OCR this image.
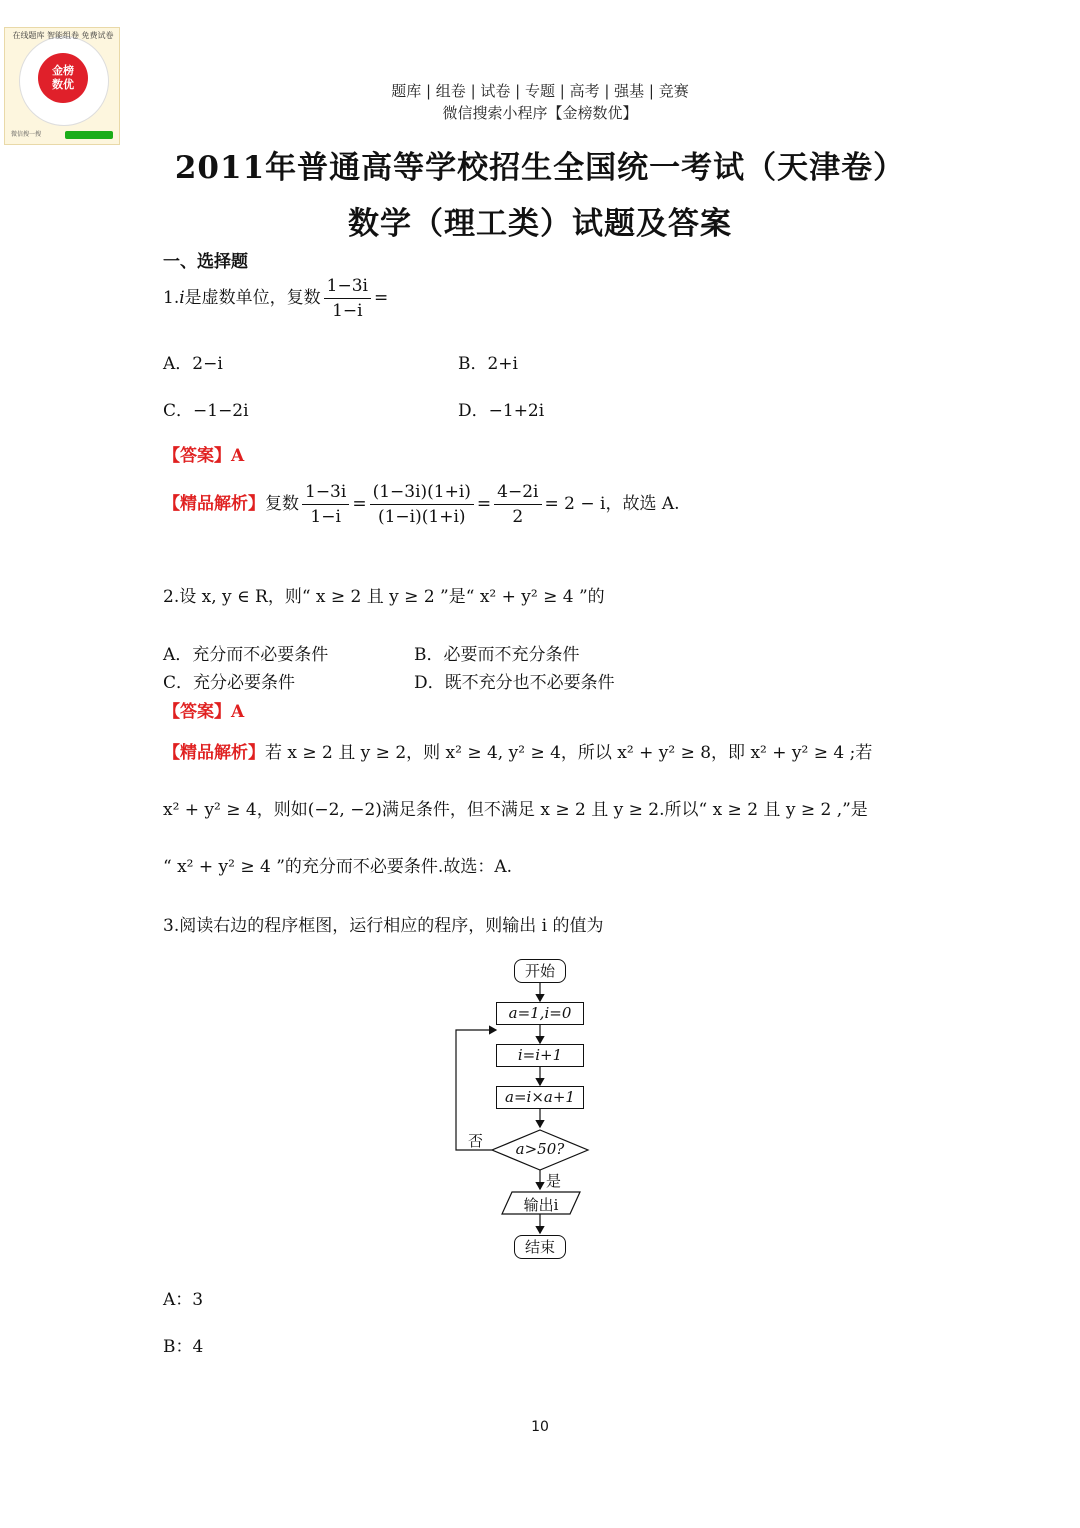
在线题库 智能组卷 免费试卷
金榜
数优
微信搜一搜
题库 | 组卷 | 试卷 | 专题 | 高考 | 强基 | 竞赛
微信搜索小程序【金榜数优】
2011年普通高等学校招生全国统一考试（天津卷）
数学（理工类）试题及答案
一、选择题
1.i是虚数单位，复数 $\frac{1-3i}{1-i}$ =
A．2−i	B．2+i
C．−1−2i	D．−1+2i
【答案】A
【精品解析】复数 $\frac{1-3i}{1-i} = \frac{(1-3i)(1+i)}{(1-i)(1+i)} = \frac{4-2i}{2} = 2 - i$，故选 A.
2.设 x, y ∈ R，则“ x ≥ 2 且 y ≥ 2 ”是“ x² + y² ≥ 4 ”的
A．充分而不必要条件	B．必要而不充分条件
C．充分必要条件	D．既不充分也不必要条件
【答案】A
【精品解析】若 x ≥ 2 且 y ≥ 2，则 x² ≥ 4, y² ≥ 4，所以 x² + y² ≥ 8，即 x² + y² ≥ 4 ;若
x² + y² ≥ 4，则如(−2, −2)满足条件，但不满足 x ≥ 2 且 y ≥ 2.所以“ x ≥ 2 且 y ≥ 2 ,”是
“ x² + y² ≥ 4 ”的充分而不必要条件.故选：A.
3.阅读右边的程序框图，运行相应的程序，则输出 i 的值为
开始
a=1,i=0
i=i+1
a=i×a+1
a>50?
否
是
输出i
结束
A：3
B：4
10
